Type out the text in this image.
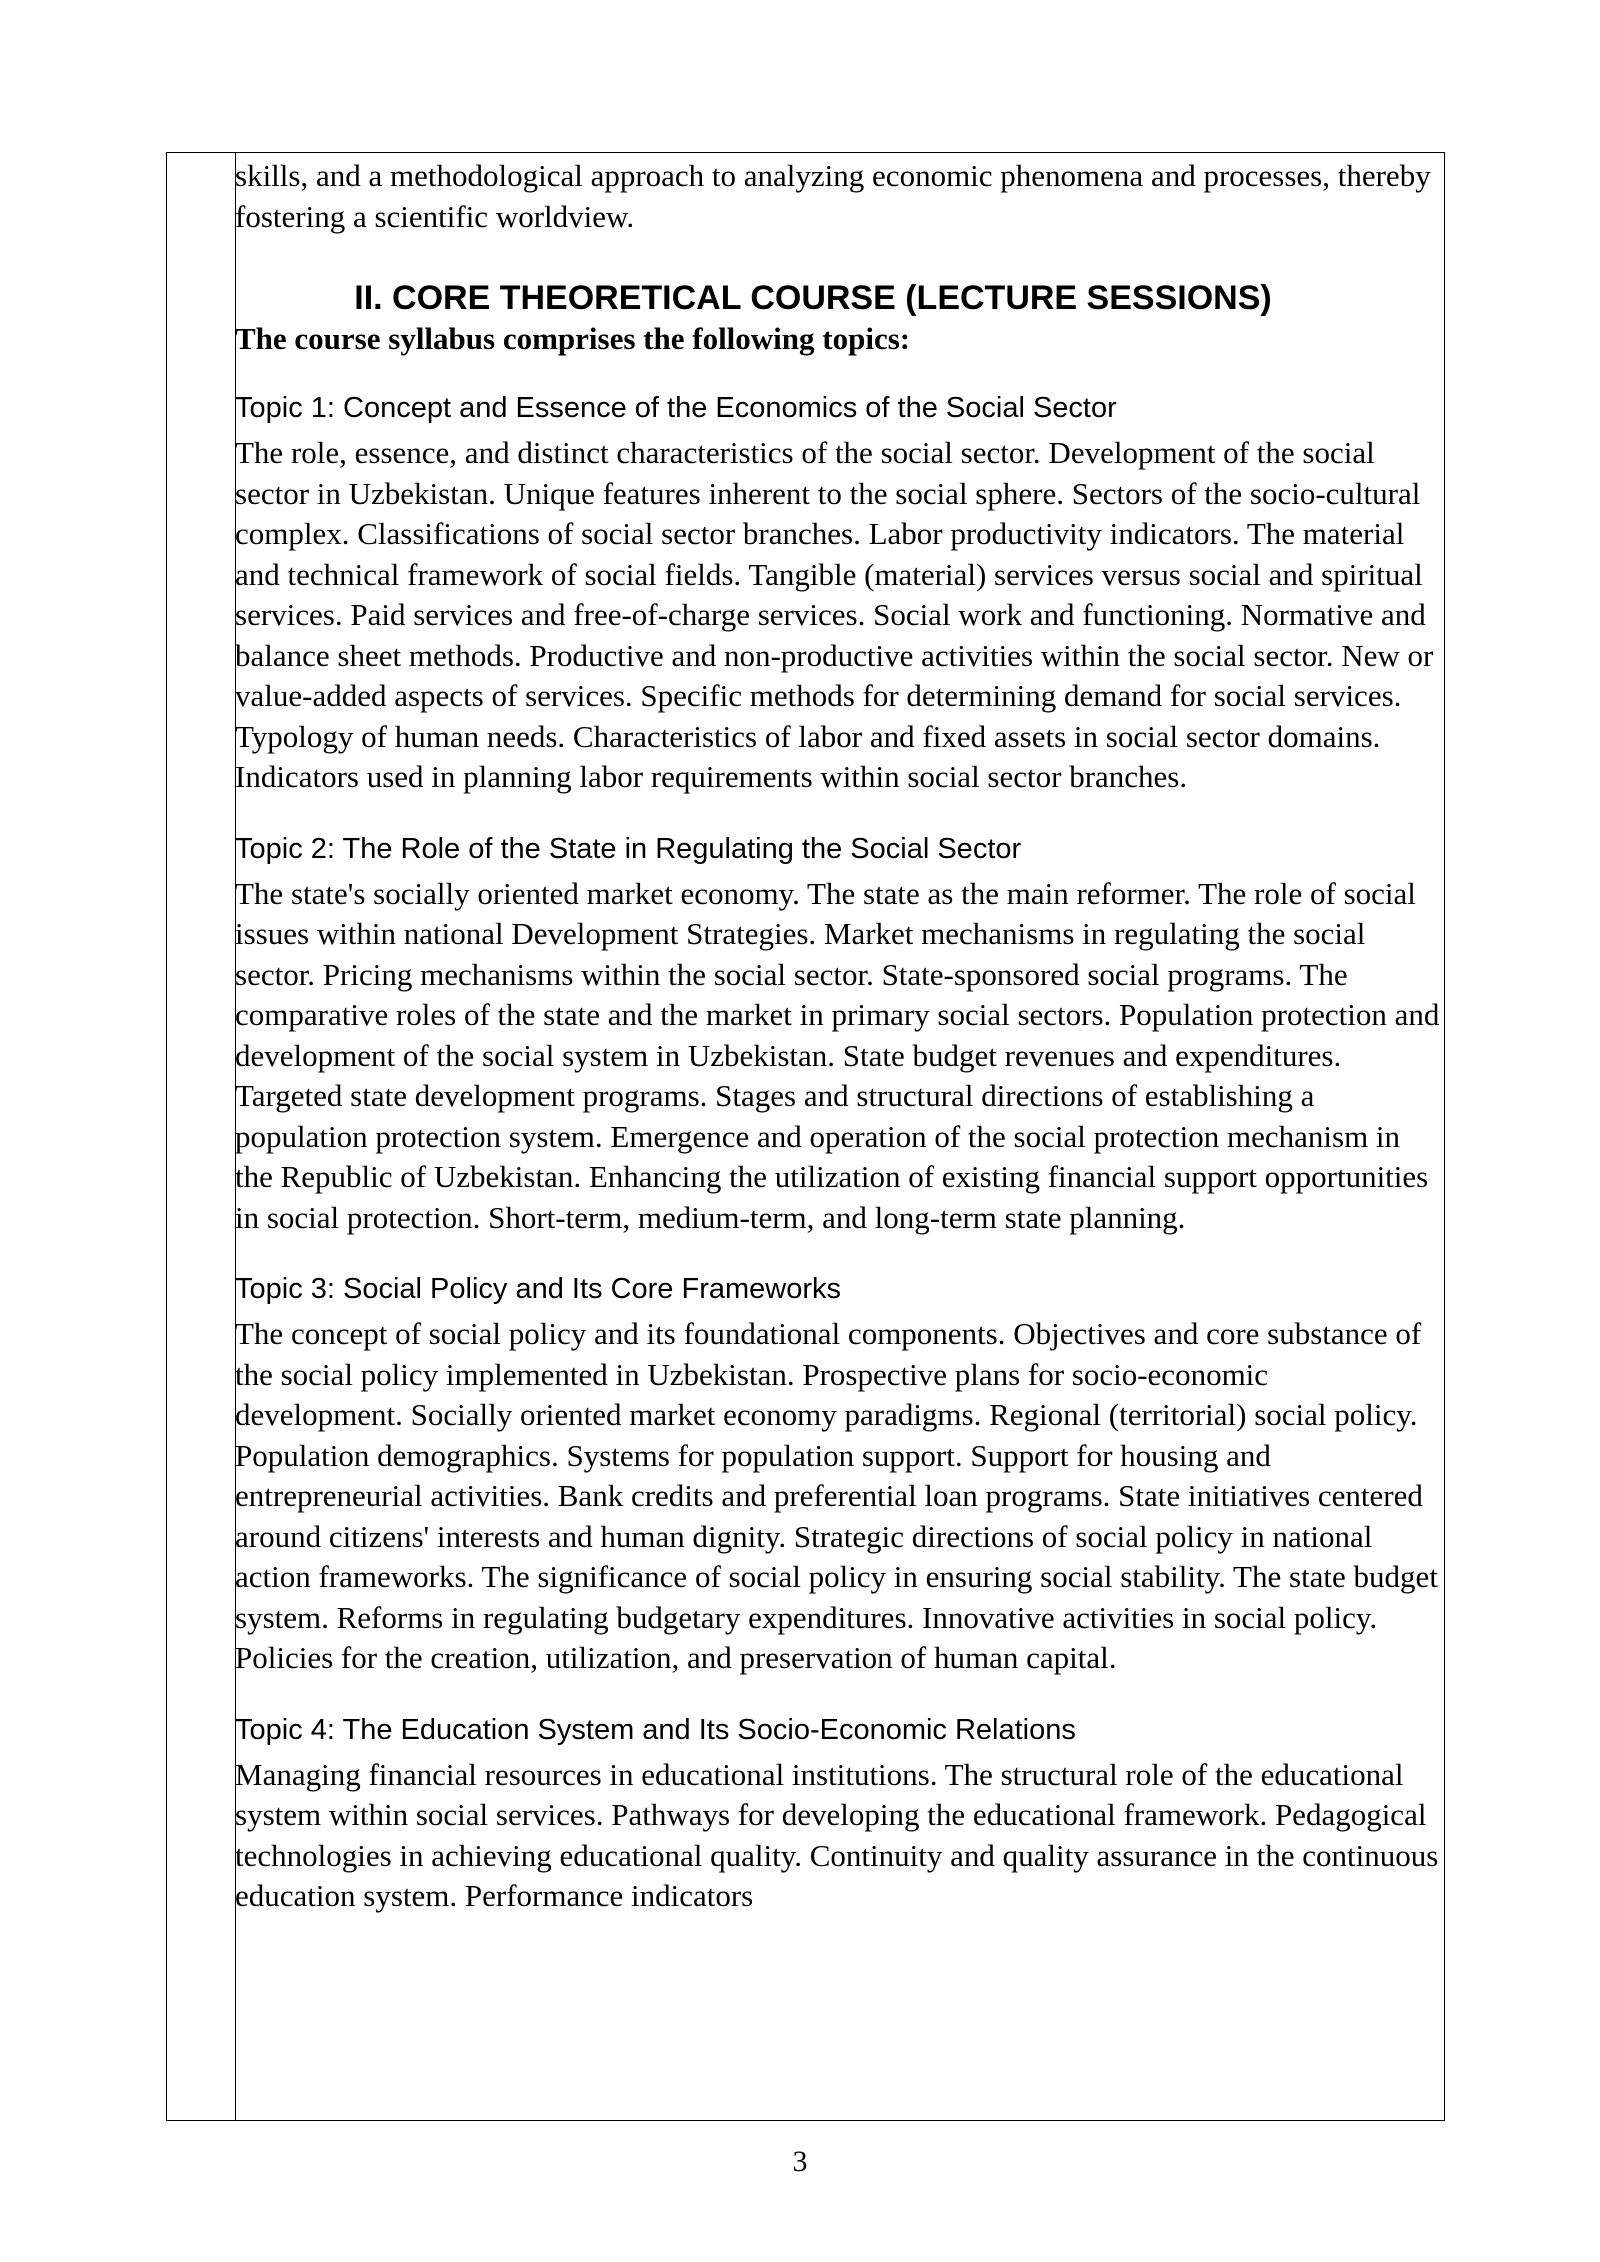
skills, and a methodological approach to analyzing economic phenomena and processes, thereby fostering a scientific worldview.

II. CORE THEORETICAL COURSE (LECTURE SESSIONS)

The course syllabus comprises the following topics:

Topic 1: Concept and Essence of the Economics of the Social Sector

The role, essence, and distinct characteristics of the social sector. Development of the social sector in Uzbekistan. Unique features inherent to the social sphere. Sectors of the socio-cultural complex. Classifications of social sector branches. Labor productivity indicators. The material and technical framework of social fields. Tangible (material) services versus social and spiritual services. Paid services and free-of-charge services. Social work and functioning. Normative and balance sheet methods. Productive and non-productive activities within the social sector. New or value-added aspects of services. Specific methods for determining demand for social services. Typology of human needs. Characteristics of labor and fixed assets in social sector domains. Indicators used in planning labor requirements within social sector branches.

Topic 2: The Role of the State in Regulating the Social Sector

The state's socially oriented market economy. The state as the main reformer. The role of social issues within national Development Strategies. Market mechanisms in regulating the social sector. Pricing mechanisms within the social sector. State-sponsored social programs. The comparative roles of the state and the market in primary social sectors. Population protection and development of the social system in Uzbekistan. State budget revenues and expenditures. Targeted state development programs. Stages and structural directions of establishing a population protection system. Emergence and operation of the social protection mechanism in the Republic of Uzbekistan. Enhancing the utilization of existing financial support opportunities in social protection. Short-term, medium-term, and long-term state planning.

Topic 3: Social Policy and Its Core Frameworks

The concept of social policy and its foundational components. Objectives and core substance of the social policy implemented in Uzbekistan. Prospective plans for socio-economic development. Socially oriented market economy paradigms. Regional (territorial) social policy. Population demographics. Systems for population support. Support for housing and entrepreneurial activities. Bank credits and preferential loan programs. State initiatives centered around citizens' interests and human dignity. Strategic directions of social policy in national action frameworks. The significance of social policy in ensuring social stability. The state budget system. Reforms in regulating budgetary expenditures. Innovative activities in social policy. Policies for the creation, utilization, and preservation of human capital.

Topic 4: The Education System and Its Socio-Economic Relations

Managing financial resources in educational institutions. The structural role of the educational system within social services. Pathways for developing the educational framework. Pedagogical technologies in achieving educational quality. Continuity and quality assurance in the continuous education system. Performance indicators

3
